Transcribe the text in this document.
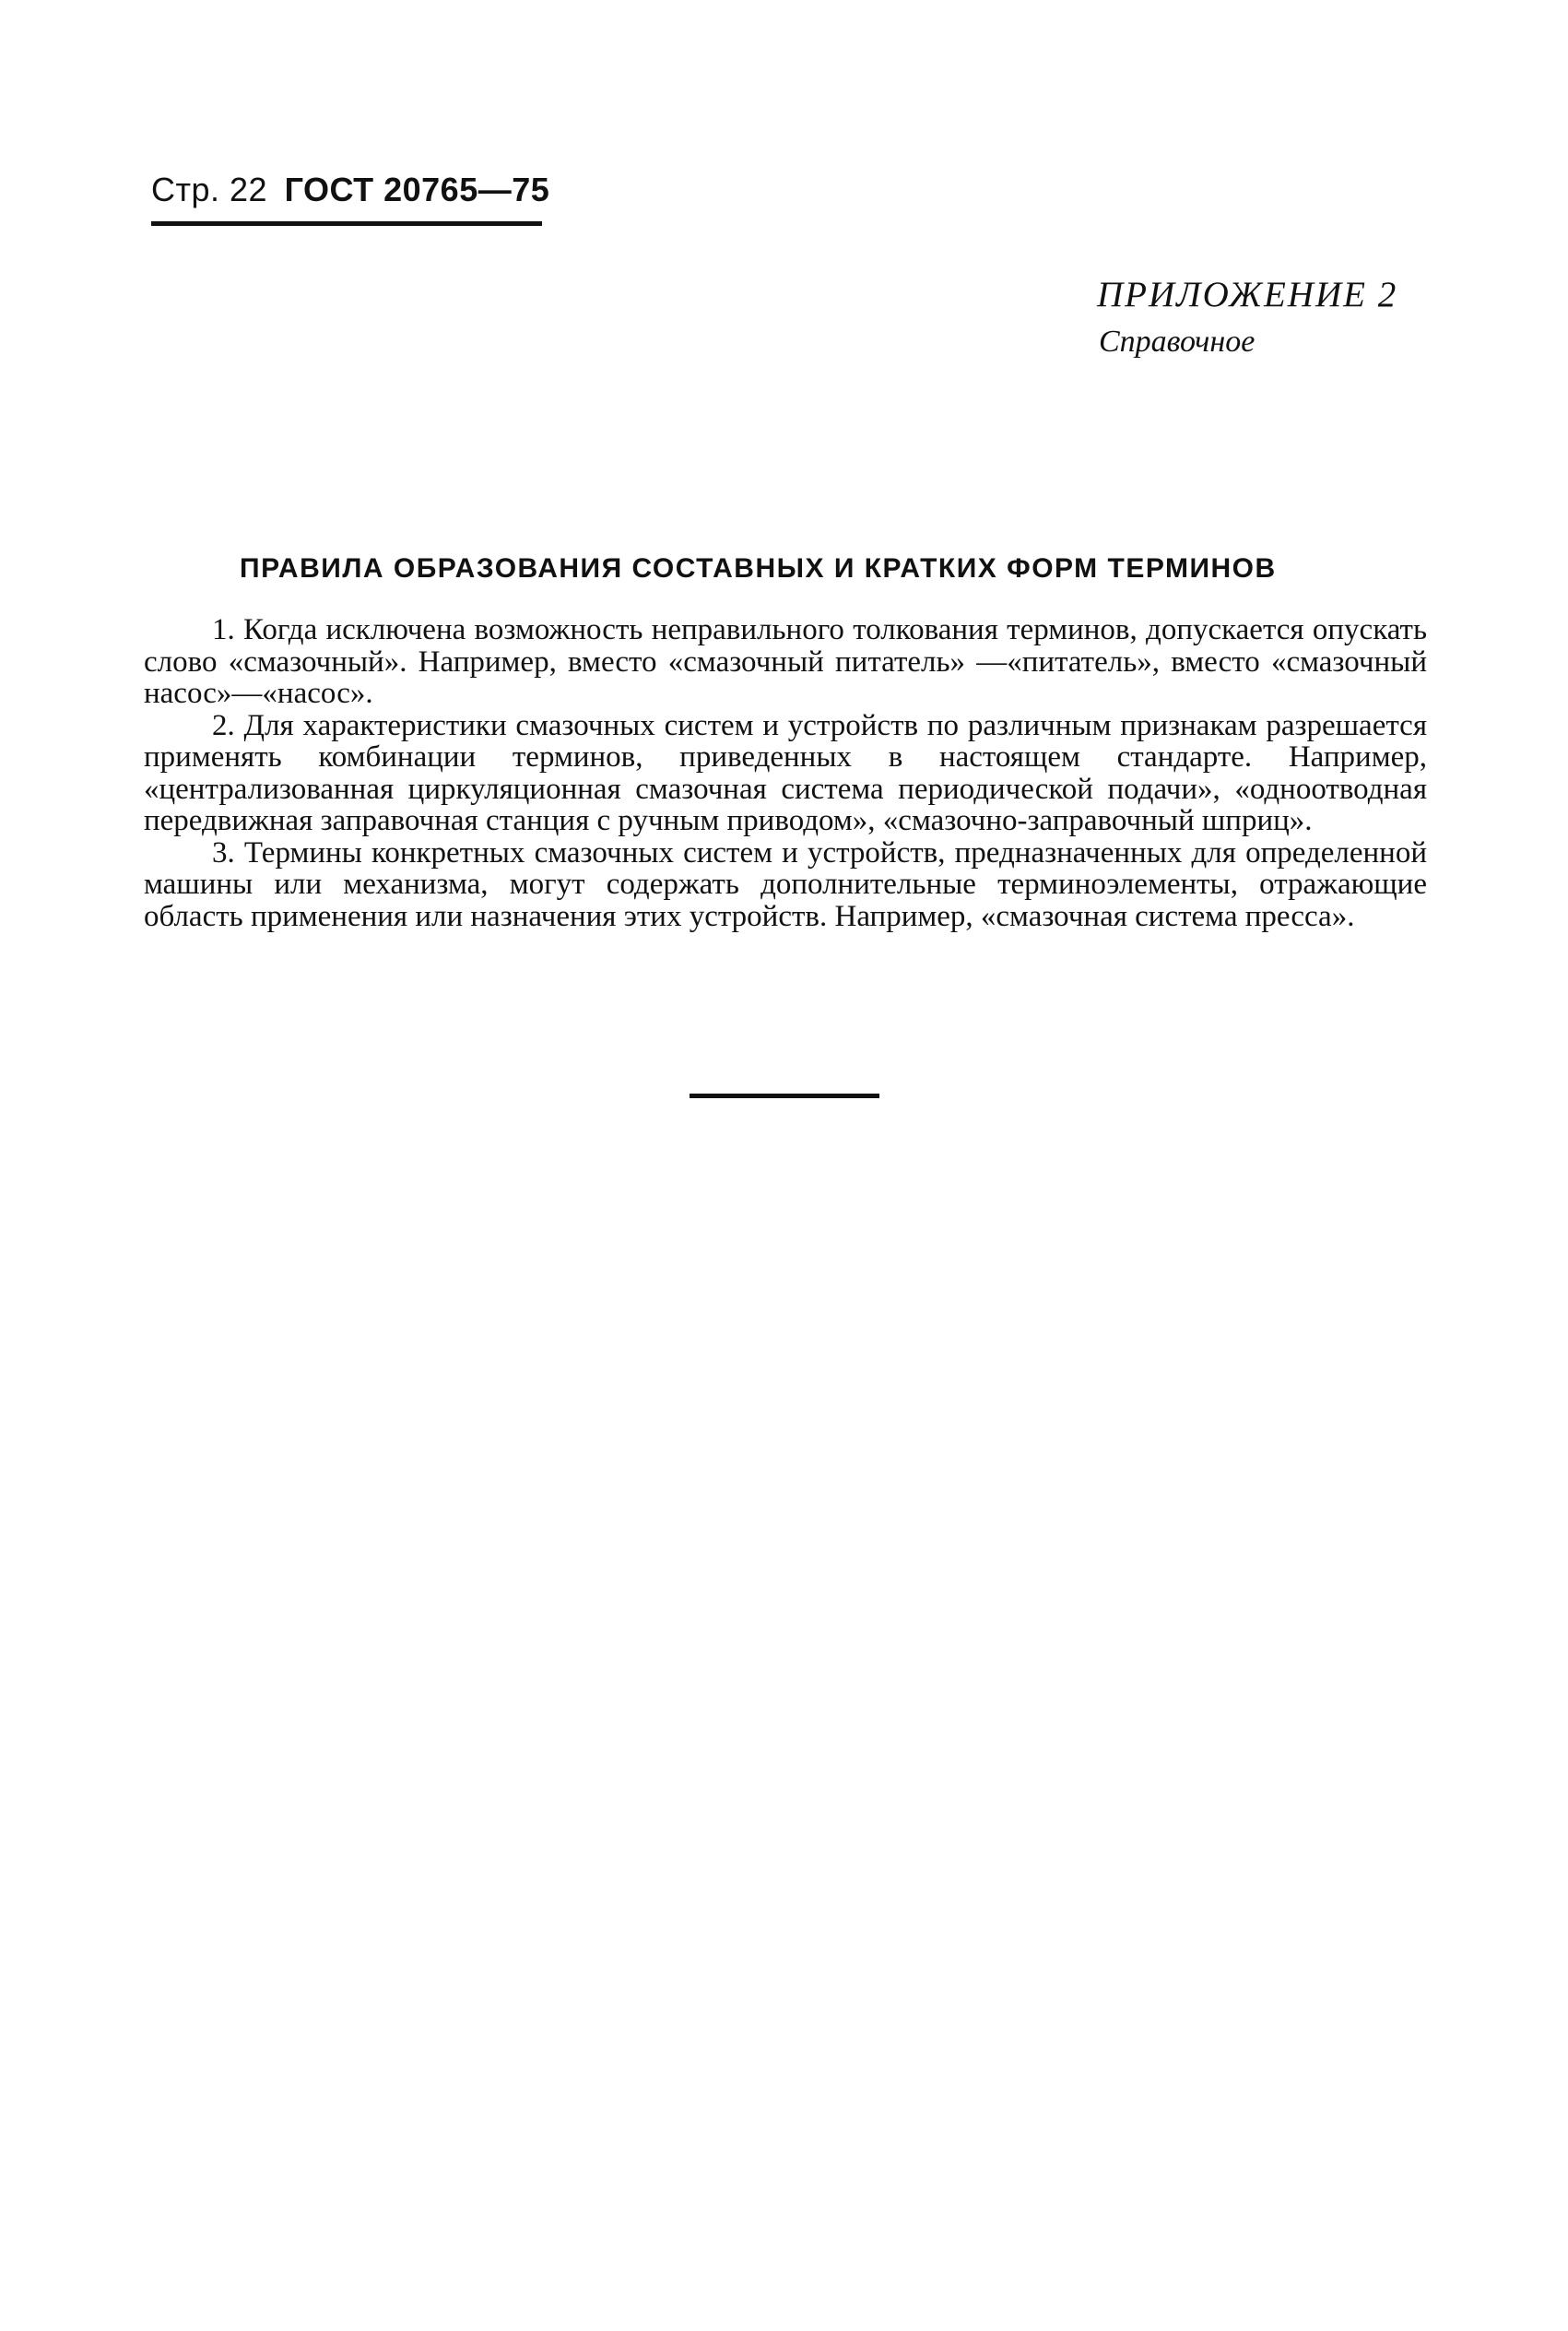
Стр. 22 ГОСТ 20765—75
ПРИЛОЖЕНИЕ 2
Справочное
ПРАВИЛА ОБРАЗОВАНИЯ СОСТАВНЫХ И КРАТКИХ ФОРМ ТЕРМИНОВ

1. Когда исключена возможность неправильного толкования терминов, допускается опускать слово «смазочный». Например, вместо «смазочный питатель» —«питатель», вместо «смазочный насос»—«насос».

2. Для характеристики смазочных систем и устройств по различным признакам разрешается применять комбинации терминов, приведенных в настоящем стандарте. Например, «централизованная циркуляционная смазочная система периодической подачи», «одноотводная передвижная заправочная станция с ручным приводом», «смазочно-заправочный шприц».

3. Термины конкретных смазочных систем и устройств, предназначенных для определенной машины или механизма, могут содержать дополнительные терминоэлементы, отражающие область применения или назначения этих устройств. Например, «смазочная система пресса».
